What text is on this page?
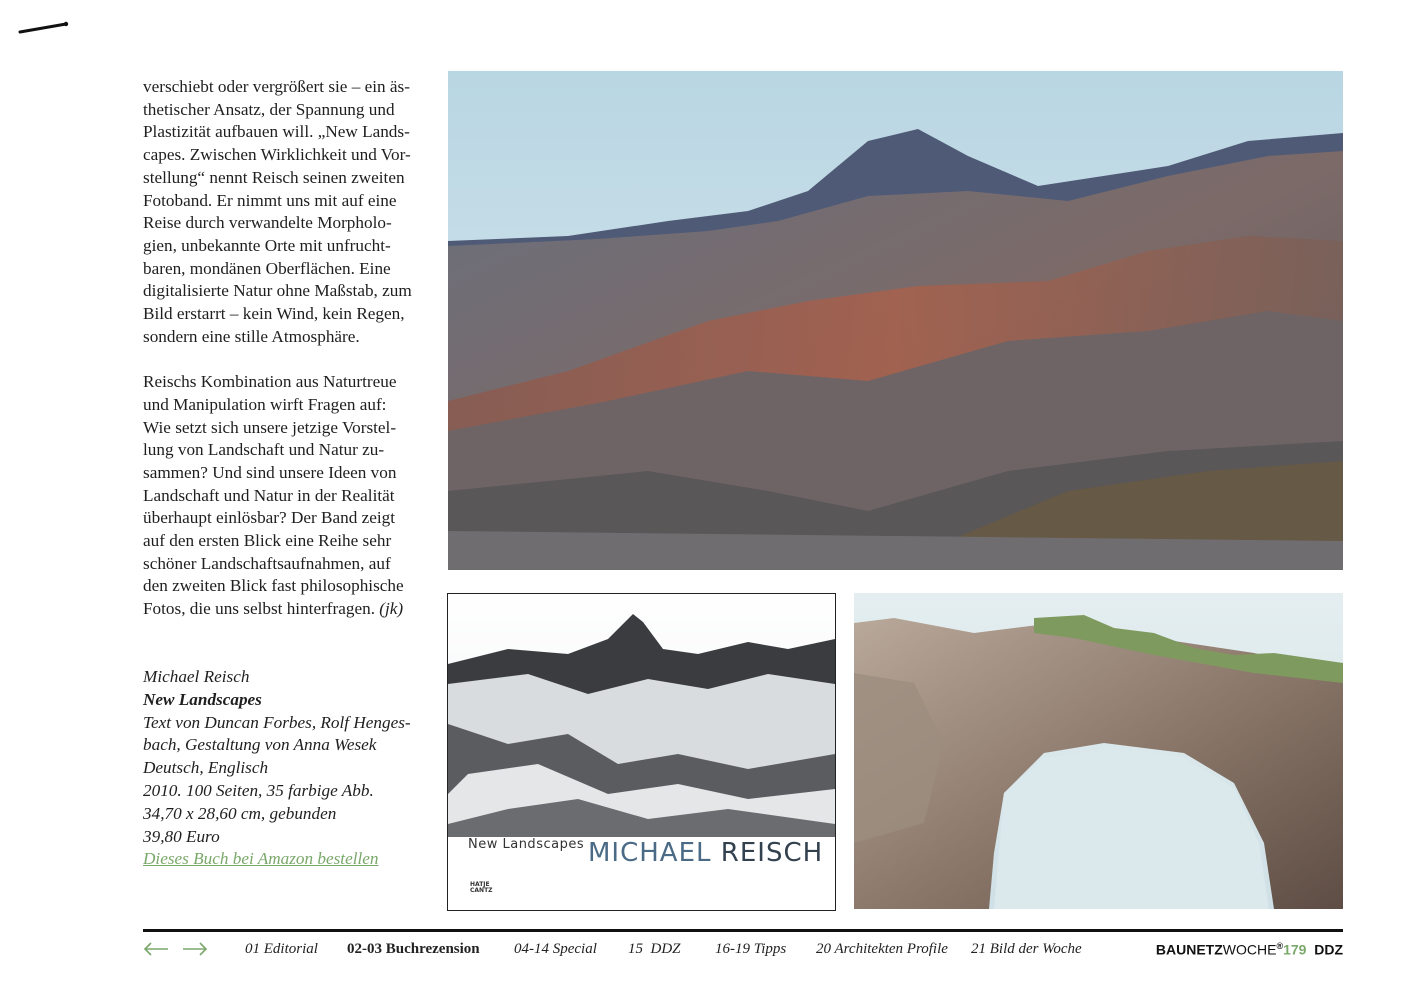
verschiebt oder vergrößert sie – ein äs-
thetischer Ansatz, der Spannung und
Plastizität aufbauen will. „New Lands-
capes. Zwischen Wirklichkeit und Vor-
stellung“ nennt Reisch seinen zweiten
Fotoband. Er nimmt uns mit auf eine
Reise durch verwandelte Morpholo-
gien, unbekannte Orte mit unfrucht-
baren, mondänen Oberflächen. Eine
digitalisierte Natur ohne Maßstab, zum
Bild erstarrt – kein Wind, kein Regen,
sondern eine stille Atmosphäre.

Reischs Kombination aus Naturtreue
und Manipulation wirft Fragen auf:
Wie setzt sich unsere jetzige Vorstel-
lung von Landschaft und Natur zu-
sammen? Und sind unsere Ideen von
Landschaft und Natur in der Realität
überhaupt einlösbar? Der Band zeigt
auf den ersten Blick eine Reihe sehr
schöner Landschaftsaufnahmen, auf
den zweiten Blick fast philosophische
Fotos, die uns selbst hinterfragen. (jk)

Michael Reisch
New Landscapes
Text von Duncan Forbes, Rolf Henges-
bach, Gestaltung von Anna Wesek
Deutsch, Englisch
2010. 100 Seiten, 35 farbige Abb.
34,70 x 28,60 cm, gebunden
39,80 Euro
Dieses Buch bei Amazon bestellen
New Landscapes MICHAEL REISCH
HATJE
CANTZ
01 Editorial 02-03 Buchrezension 04-14 Special 15  DDZ 16-19 Tipps 20 Architekten Profile 21 Bild der Woche	BAUNETZWOCHE®179 DDZ
